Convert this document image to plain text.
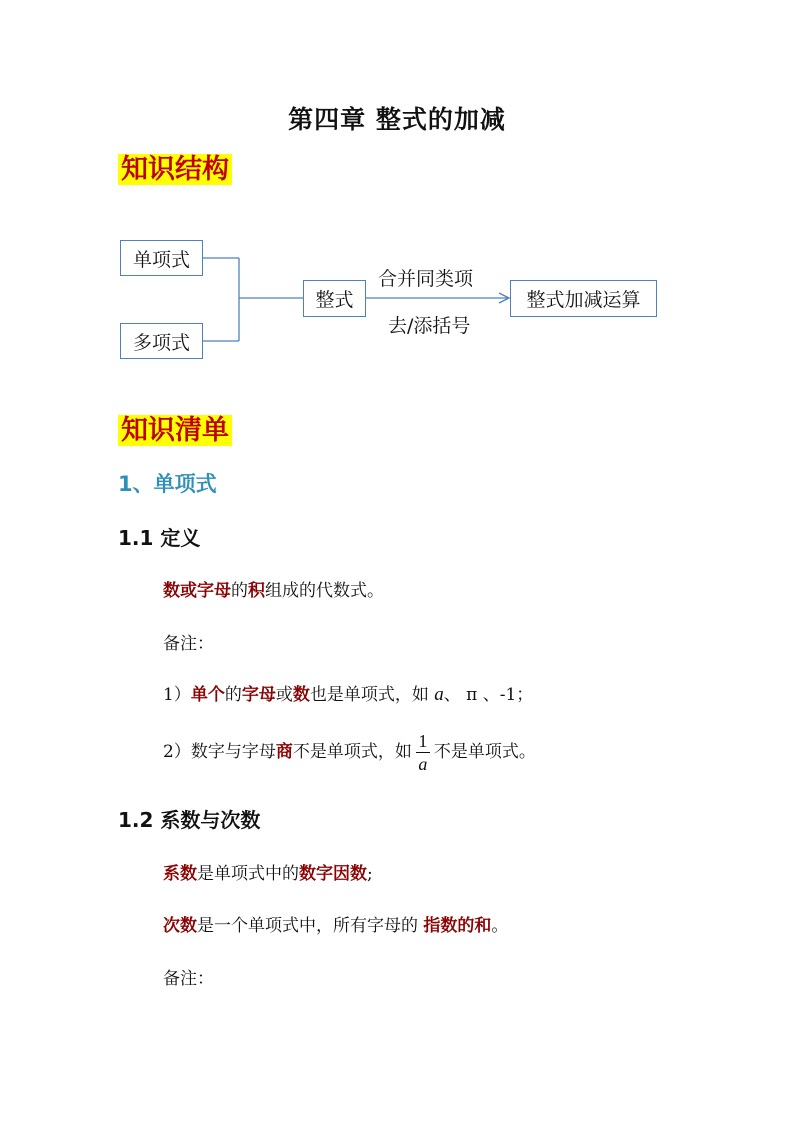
第四章 整式的加减
知识结构
单项式
多项式
整式
合并同类项
去/添括号
整式加减运算
知识清单
1、单项式
1.1 定义
数或字母的积组成的代数式。
备注：
1）单个的字母或数也是单项式，如 a、 π 、-1；
2）数字与字母商不是单项式，如 $\frac{1}{a}$ 不是单项式。
1.2 系数与次数
系数是单项式中的数字因数;
次数是一个单项式中，所有字母的 指数的和。
备注：
